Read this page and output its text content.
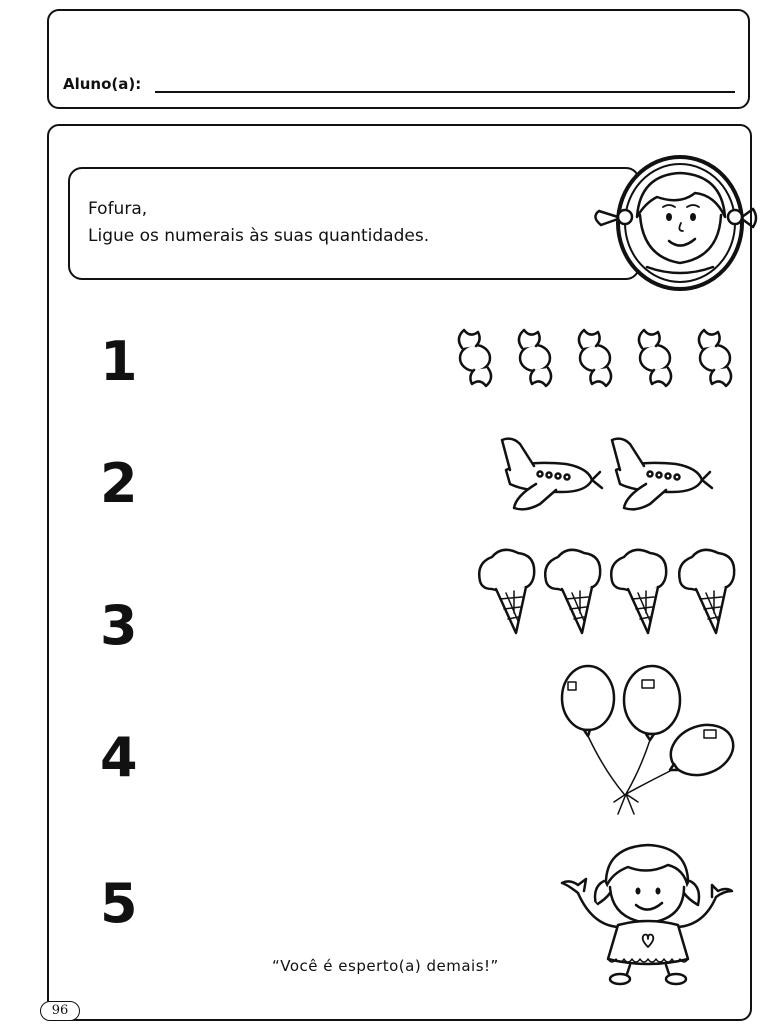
Aluno(a):
Fofura,
Ligue os numerais às suas quantidades.
1
2
3
4
5
“Você é esperto(a) demais!”
96
